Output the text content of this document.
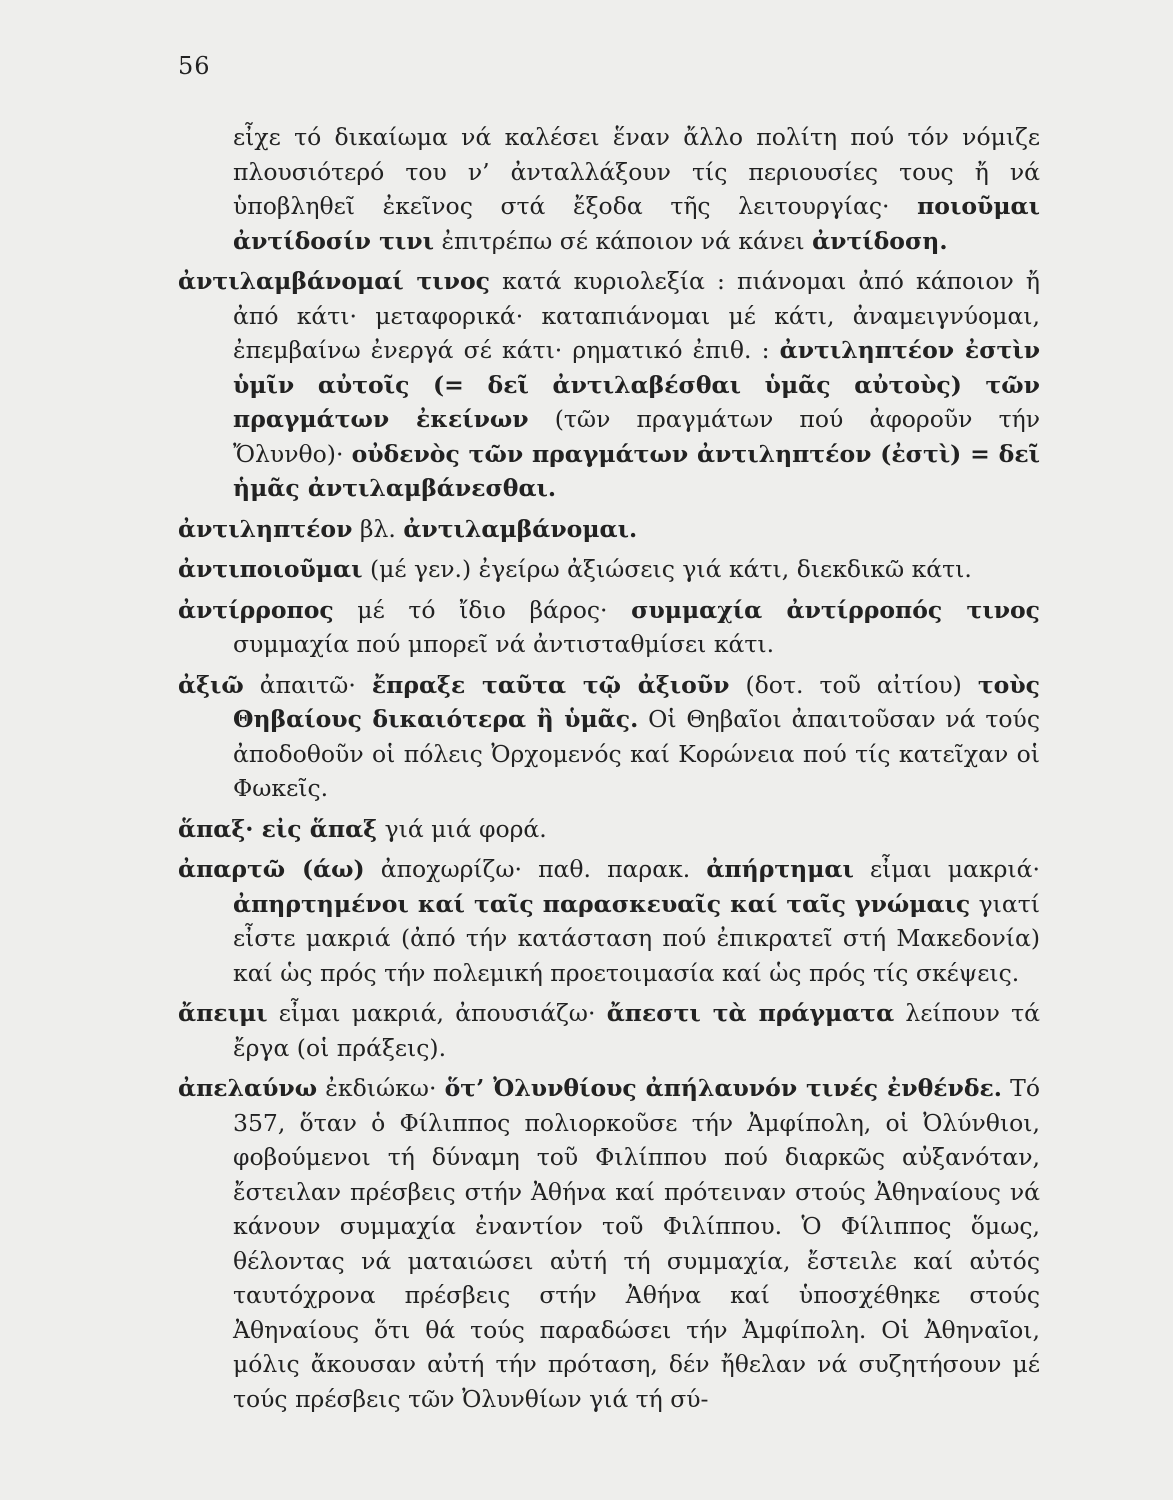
56

εἶχε τό δικαίωμα νά καλέσει ἕναν ἄλλο πολίτη πού τόν νόμιζε πλουσιότερό του ν’ ἀνταλλάξουν τίς περιουσίες τους ἤ νά ὑποβληθεῖ ἐκεῖνος στά ἔξοδα τῆς λειτουργίας· ποιοῦμαι ἀντίδοσίν τινι ἐπιτρέπω σέ κάποιον νά κάνει ἀντίδοση.

ἀντιλαμβάνομαί τινος κατά κυριολεξία : πιάνομαι ἀπό κάποιον ἤ ἀπό κάτι· μεταφορικά· καταπιάνομαι μέ κάτι, ἀναμειγνύομαι, ἐπεμβαίνω ἐνεργά σέ κάτι· ρηματικό ἐπιθ. : ἀντιληπτέον ἐστὶν ὑμῖν αὐτοῖς (= δεῖ ἀντιλαβέσθαι ὑμᾶς αὐτοὺς) τῶν πραγμάτων ἐκείνων (τῶν πραγμάτων πού ἀφοροῦν τήν Ὄλυνθο)· οὐδενὸς τῶν πραγμάτων ἀντιληπτέον (ἐστὶ) = δεῖ ἡμᾶς ἀντιλαμβάνεσθαι.

ἀντιληπτέον βλ. ἀντιλαμβάνομαι.

ἀντιποιοῦμαι (μέ γεν.) ἐγείρω ἀξιώσεις γιά κάτι, διεκδικῶ κάτι.

ἀντίρροπος μέ τό ἴδιο βάρος· συμμαχία ἀντίρροπός τινος συμμαχία πού μπορεῖ νά ἀντισταθμίσει κάτι.

ἀξιῶ ἀπαιτῶ· ἔπραξε ταῦτα τῷ ἀξιοῦν (δοτ. τοῦ αἰτίου) τοὺς Θηβαίους δικαιότερα ἢ ὑμᾶς. Οἱ Θηβαῖοι ἀπαιτοῦσαν νά τούς ἀποδοθοῦν οἱ πόλεις Ὀρχομενός καί Κορώνεια πού τίς κατεῖχαν οἱ Φωκεῖς.

ἅπαξ· εἰς ἅπαξ γιά μιά φορά.

ἀπαρτῶ (άω) ἀποχωρίζω· παθ. παρακ. ἀπήρτημαι εἶμαι μακριά· ἀπηρτημένοι καί ταῖς παρασκευαῖς καί ταῖς γνώμαις γιατί εἶστε μακριά (ἀπό τήν κατάσταση πού ἐπικρατεῖ στή Μακεδονία) καί ὡς πρός τήν πολεμική προετοιμασία καί ὡς πρός τίς σκέψεις.

ἄπειμι εἶμαι μακριά, ἀπουσιάζω· ἄπεστι τὰ πράγματα λείπουν τά ἔργα (οἱ πράξεις).

ἀπελαύνω ἐκδιώκω· ὅτ’ Ὀλυνθίους ἀπήλαυνόν τινές ἐνθένδε. Τό 357, ὅταν ὁ Φίλιππος πολιορκοῦσε τήν Ἀμφίπολη, οἱ Ὀλύνθιοι, φοβούμενοι τή δύναμη τοῦ Φιλίππου πού διαρκῶς αὐξανόταν, ἔστειλαν πρέσβεις στήν Ἀθήνα καί πρότειναν στούς Ἀθηναίους νά κάνουν συμμαχία ἐναντίον τοῦ Φιλίππου. Ὁ Φίλιππος ὅμως, θέλοντας νά ματαιώσει αὐτή τή συμμαχία, ἔστειλε καί αὐτός ταυτόχρονα πρέσβεις στήν Ἀθήνα καί ὑποσχέθηκε στούς Ἀθηναίους ὅτι θά τούς παραδώσει τήν Ἀμφίπολη. Οἱ Ἀθηναῖοι, μόλις ἄκουσαν αὐτή τήν πρόταση, δέν ἤθελαν νά συζητήσουν μέ τούς πρέσβεις τῶν Ὀλυνθίων γιά τή σύ-
